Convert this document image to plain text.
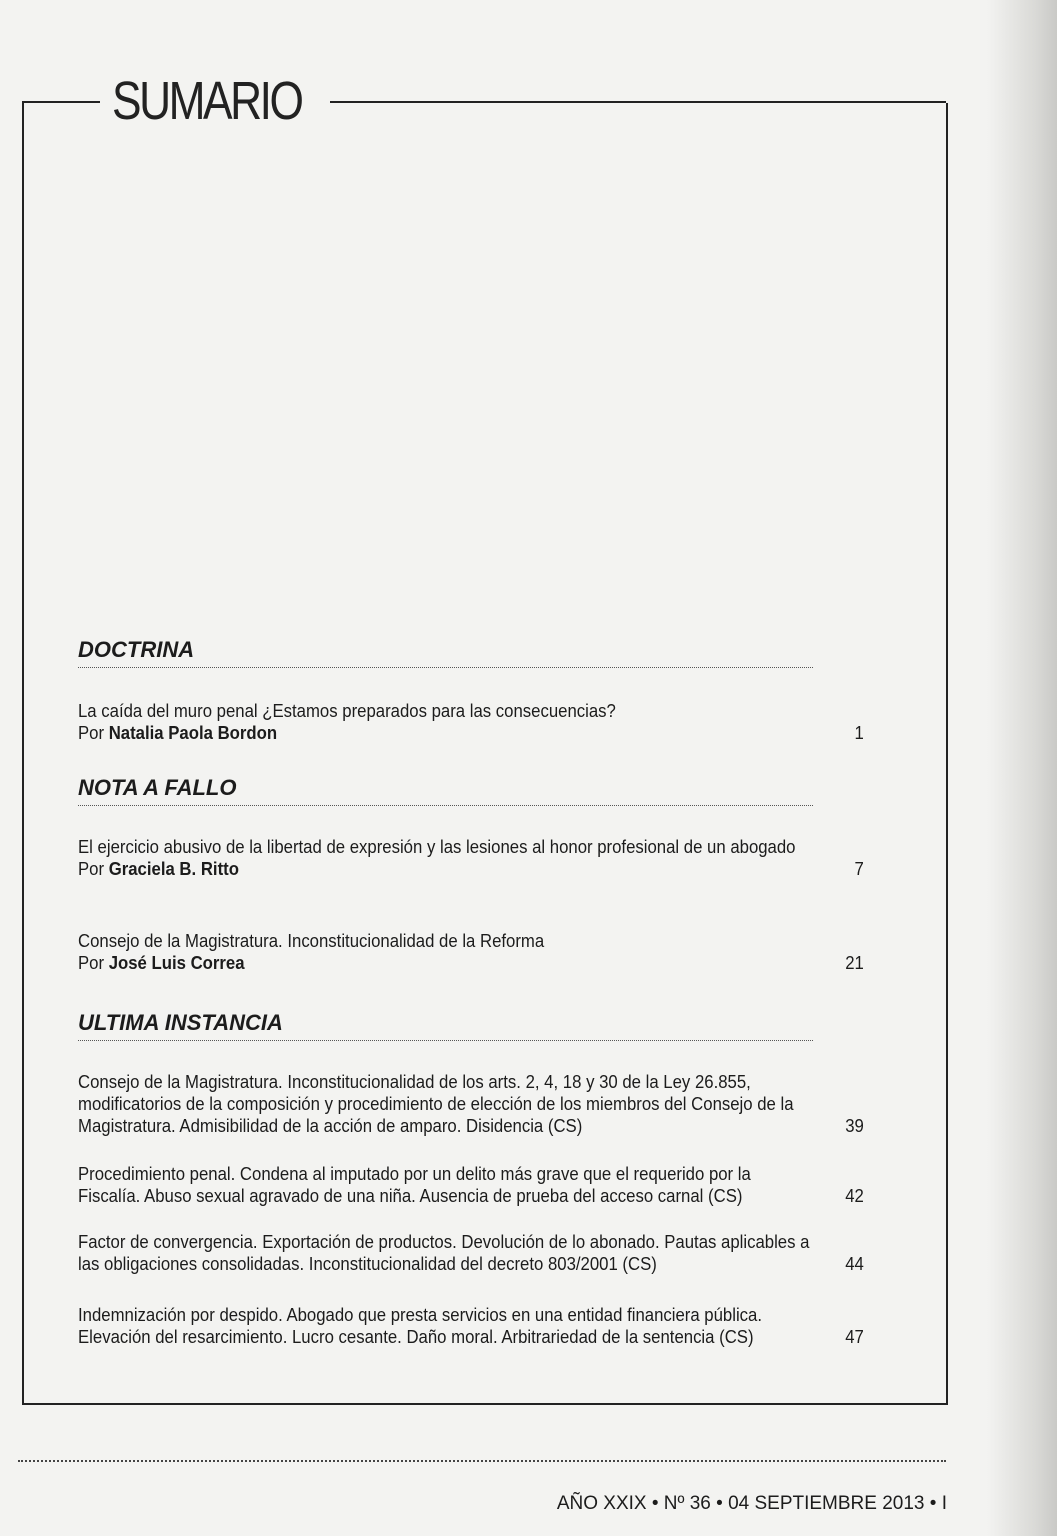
SUMARIO
DOCTRINA
La caída del muro penal ¿Estamos preparados para las consecuencias?
Por Natalia Paola Bordon	1
NOTA A FALLO
El ejercicio abusivo de la libertad de expresión y las lesiones al honor profesional de un abogado
Por Graciela B. Ritto	7
Consejo de la Magistratura. Inconstitucionalidad de la Reforma
Por José Luis Correa	21
ULTIMA INSTANCIA
Consejo de la Magistratura. Inconstitucionalidad de los arts. 2, 4, 18 y 30 de la Ley 26.855, modificatorios de la composición y procedimiento de elección de los miembros del Consejo de la Magistratura. Admisibilidad de la acción de amparo. Disidencia (CS)	39
Procedimiento penal. Condena al imputado por un delito más grave que el requerido por la Fiscalía. Abuso sexual agravado de una niña. Ausencia de prueba del acceso carnal (CS)	42
Factor de convergencia. Exportación de productos. Devolución de lo abonado. Pautas aplicables a las obligaciones consolidadas. Inconstitucionalidad del decreto 803/2001 (CS)	44
Indemnización por despido. Abogado que presta servicios en una entidad financiera pública. Elevación del resarcimiento. Lucro cesante. Daño moral. Arbitrariedad de la sentencia (CS)	47
AÑO XXIX • Nº 36 • 04 SEPTIEMBRE 2013 • I
